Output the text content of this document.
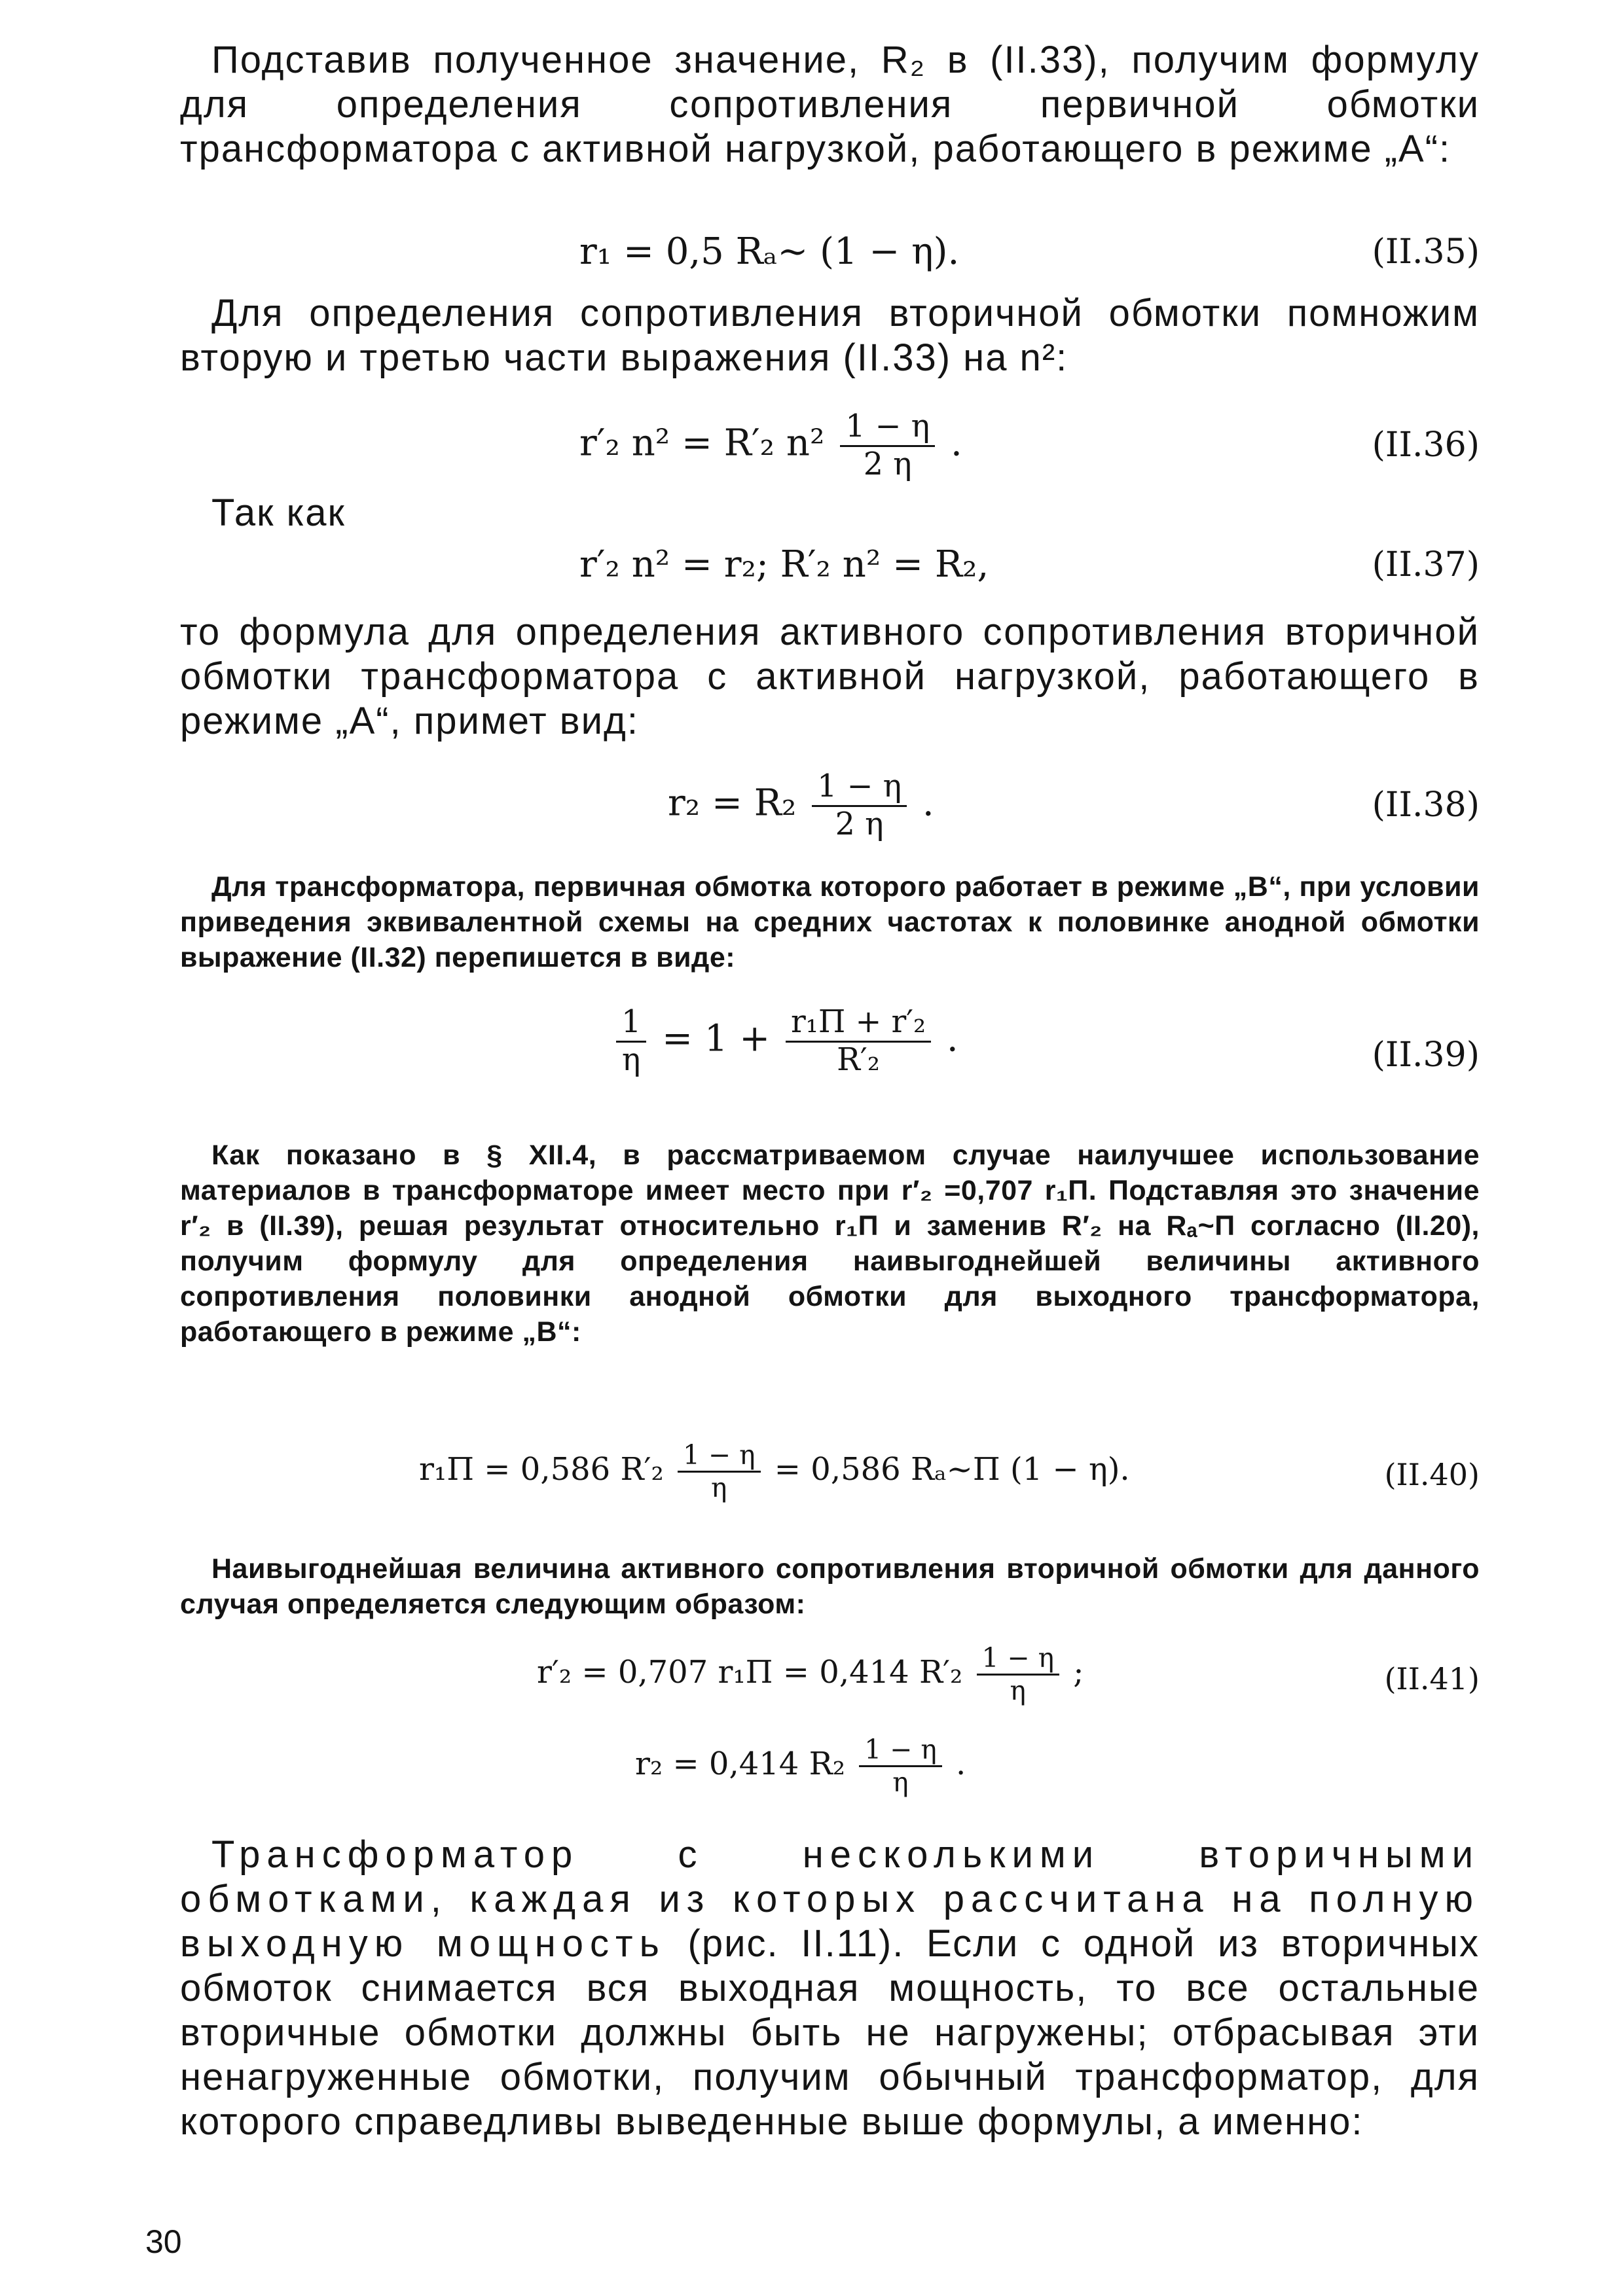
Подставив полученное значение, R₂ в (II.33), получим формулу для определения сопротивления первичной обмотки трансформатора с активной нагрузкой, работающего в режиме „А“:

r₁ = 0,5 Rₐ~ (1 − η).	(II.35)

Для определения сопротивления вторичной обмотки помножим вторую и третью части выражения (II.33) на n²:

r′₂ n² = R′₂ $n^2 \frac{1 - \eta}{2 \eta}$ .	(II.36)

Так как

r′₂ n² = r₂; R′₂ n² = R₂,	(II.37)

то формула для определения активного сопротивления вторичной обмотки трансформатора с активной нагрузкой, работающего в режиме „А“, примет вид:

$r_2 = R_2 \frac{1 - \eta}{2 \eta}$ .	(II.38)

Для трансформатора, первичная обмотка которого работает в режиме „В“, при условии приведения эквивалентной схемы на средних частотах к половинке анодной обмотки выражение (II.32) перепишется в виде:

$\frac{1}{\eta} = 1 + \frac{\text{r₁П + r′₂}}{\text{R′₂}}$ .	(II.39)

Как показано в § XII.4, в рассматриваемом случае наилучшее использование материалов в трансформаторе имеет место при r′₂ =0,707 r₁П. Подставляя это значение r′₂ в (II.39), решая результат относительно r₁П и заменив R′₂ на Rₐ~П согласно (II.20), получим формулу для определения наивыгоднейшей величины активного сопротивления половинки анодной обмотки для выходного трансформатора, работающего в режиме „В“:

r₁П = 0,586 $R'_2 \frac{1 - \eta}{\eta} = 0,586$ Rₐ~П (1 − η).	(II.40)

Наивыгоднейшая величина активного сопротивления вторичной обмотки для данного случая определяется следующим образом:

r′₂ = 0,707 r₁П = 0,414 $R'_2 \frac{1 - \eta}{\eta}$ ;	(II.41)
r₂ = 0,414 $R_2 \frac{1 - \eta}{\eta}$ .

Трансформатор с несколькими вторичными обмотками, каждая из которых рассчитана на полную выходную мощность (рис. II.11). Если с одной из вторичных обмоток снимается вся выходная мощность, то все остальные вторичные обмотки должны быть не нагружены; отбрасывая эти ненагруженные обмотки, получим обычный трансформатор, для которого справедливы выведенные выше формулы, а именно:

30
